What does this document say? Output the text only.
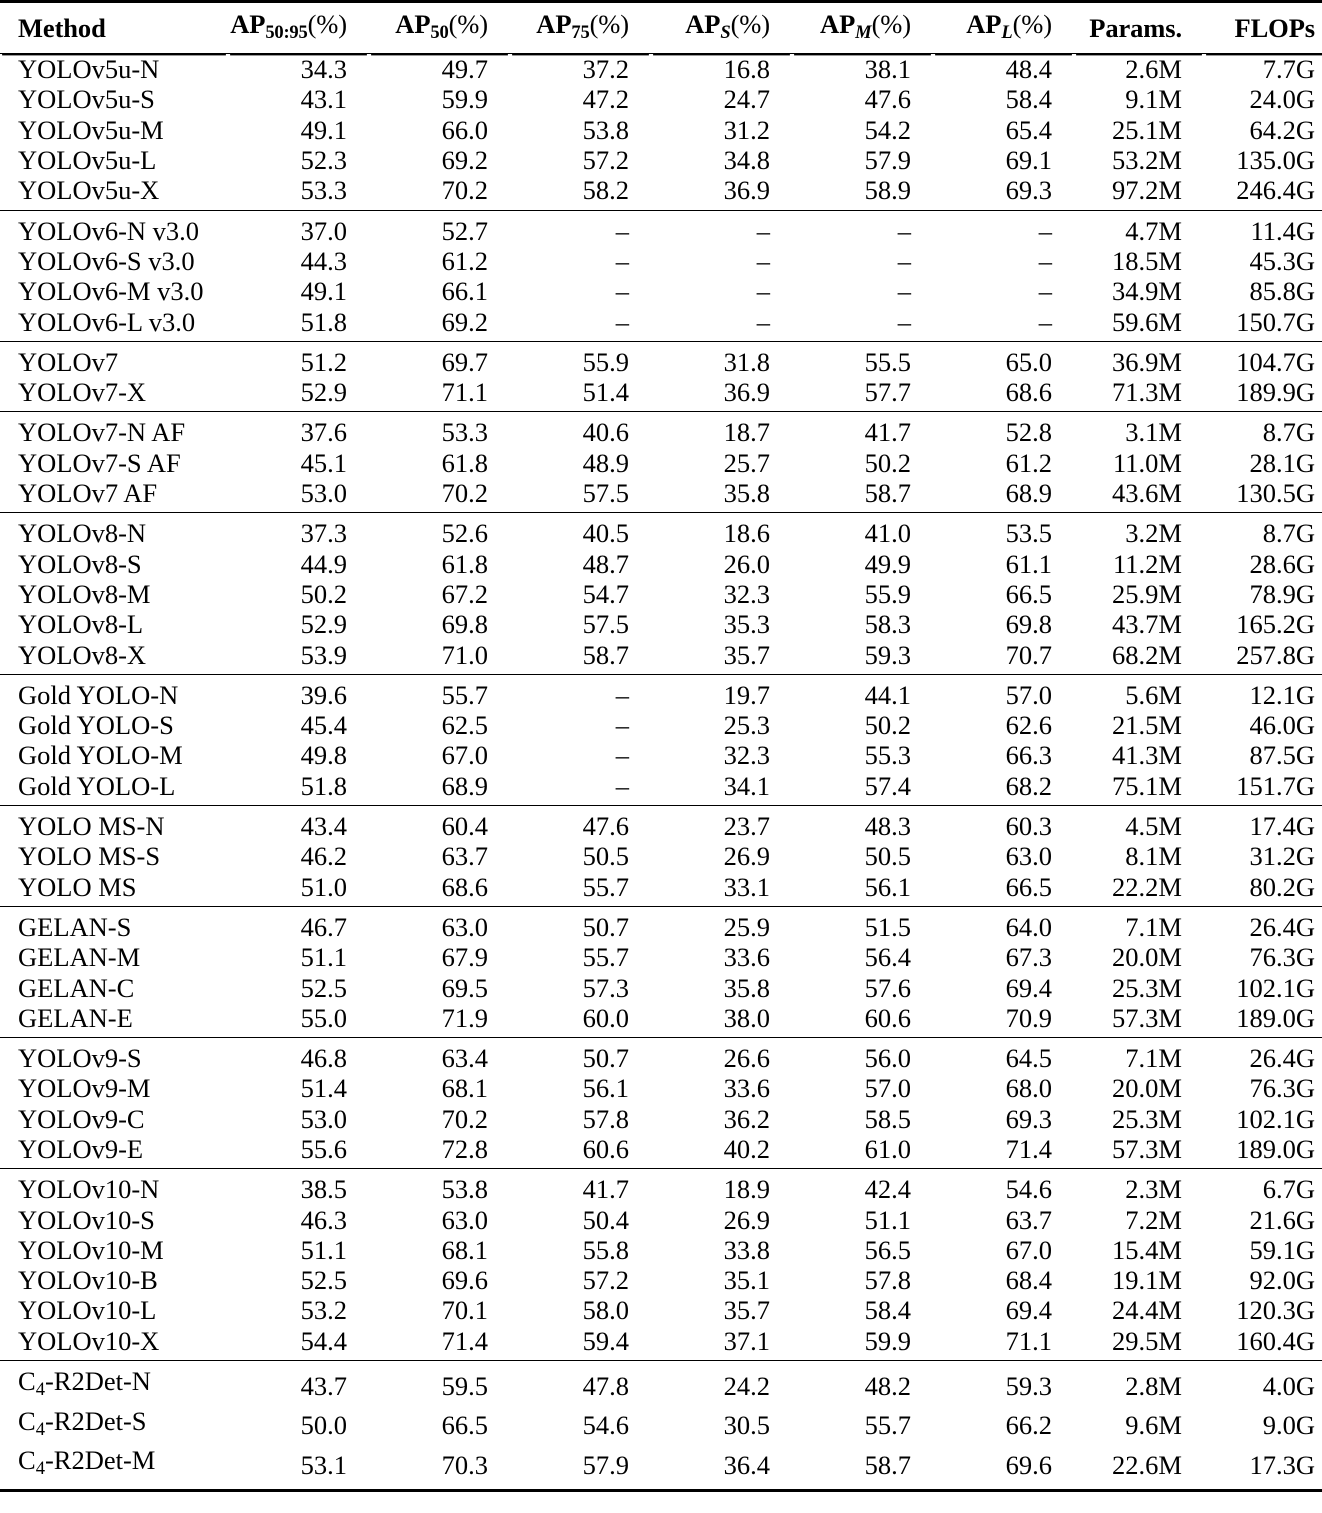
Method	AP50:95(%)	AP50(%)	AP75(%)	APS(%)	APM(%)	APL(%)	Params.	FLOPs
YOLOv5u-N	34.3	49.7	37.2	16.8	38.1	48.4	2.6M	7.7G
YOLOv5u-S	43.1	59.9	47.2	24.7	47.6	58.4	9.1M	24.0G
YOLOv5u-M	49.1	66.0	53.8	31.2	54.2	65.4	25.1M	64.2G
YOLOv5u-L	52.3	69.2	57.2	34.8	57.9	69.1	53.2M	135.0G
YOLOv5u-X	53.3	70.2	58.2	36.9	58.9	69.3	97.2M	246.4G
YOLOv6-N v3.0	37.0	52.7	–	–	–	–	4.7M	11.4G
YOLOv6-S v3.0	44.3	61.2	–	–	–	–	18.5M	45.3G
YOLOv6-M v3.0	49.1	66.1	–	–	–	–	34.9M	85.8G
YOLOv6-L v3.0	51.8	69.2	–	–	–	–	59.6M	150.7G
YOLOv7	51.2	69.7	55.9	31.8	55.5	65.0	36.9M	104.7G
YOLOv7-X	52.9	71.1	51.4	36.9	57.7	68.6	71.3M	189.9G
YOLOv7-N AF	37.6	53.3	40.6	18.7	41.7	52.8	3.1M	8.7G
YOLOv7-S AF	45.1	61.8	48.9	25.7	50.2	61.2	11.0M	28.1G
YOLOv7 AF	53.0	70.2	57.5	35.8	58.7	68.9	43.6M	130.5G
YOLOv8-N	37.3	52.6	40.5	18.6	41.0	53.5	3.2M	8.7G
YOLOv8-S	44.9	61.8	48.7	26.0	49.9	61.1	11.2M	28.6G
YOLOv8-M	50.2	67.2	54.7	32.3	55.9	66.5	25.9M	78.9G
YOLOv8-L	52.9	69.8	57.5	35.3	58.3	69.8	43.7M	165.2G
YOLOv8-X	53.9	71.0	58.7	35.7	59.3	70.7	68.2M	257.8G
Gold YOLO-N	39.6	55.7	–	19.7	44.1	57.0	5.6M	12.1G
Gold YOLO-S	45.4	62.5	–	25.3	50.2	62.6	21.5M	46.0G
Gold YOLO-M	49.8	67.0	–	32.3	55.3	66.3	41.3M	87.5G
Gold YOLO-L	51.8	68.9	–	34.1	57.4	68.2	75.1M	151.7G
YOLO MS-N	43.4	60.4	47.6	23.7	48.3	60.3	4.5M	17.4G
YOLO MS-S	46.2	63.7	50.5	26.9	50.5	63.0	8.1M	31.2G
YOLO MS	51.0	68.6	55.7	33.1	56.1	66.5	22.2M	80.2G
GELAN-S	46.7	63.0	50.7	25.9	51.5	64.0	7.1M	26.4G
GELAN-M	51.1	67.9	55.7	33.6	56.4	67.3	20.0M	76.3G
GELAN-C	52.5	69.5	57.3	35.8	57.6	69.4	25.3M	102.1G
GELAN-E	55.0	71.9	60.0	38.0	60.6	70.9	57.3M	189.0G
YOLOv9-S	46.8	63.4	50.7	26.6	56.0	64.5	7.1M	26.4G
YOLOv9-M	51.4	68.1	56.1	33.6	57.0	68.0	20.0M	76.3G
YOLOv9-C	53.0	70.2	57.8	36.2	58.5	69.3	25.3M	102.1G
YOLOv9-E	55.6	72.8	60.6	40.2	61.0	71.4	57.3M	189.0G
YOLOv10-N	38.5	53.8	41.7	18.9	42.4	54.6	2.3M	6.7G
YOLOv10-S	46.3	63.0	50.4	26.9	51.1	63.7	7.2M	21.6G
YOLOv10-M	51.1	68.1	55.8	33.8	56.5	67.0	15.4M	59.1G
YOLOv10-B	52.5	69.6	57.2	35.1	57.8	68.4	19.1M	92.0G
YOLOv10-L	53.2	70.1	58.0	35.7	58.4	69.4	24.4M	120.3G
YOLOv10-X	54.4	71.4	59.4	37.1	59.9	71.1	29.5M	160.4G
C4-R2Det-N	43.7	59.5	47.8	24.2	48.2	59.3	2.8M	4.0G
C4-R2Det-S	50.0	66.5	54.6	30.5	55.7	66.2	9.6M	9.0G
C4-R2Det-M	53.1	70.3	57.9	36.4	58.7	69.6	22.6M	17.3G
